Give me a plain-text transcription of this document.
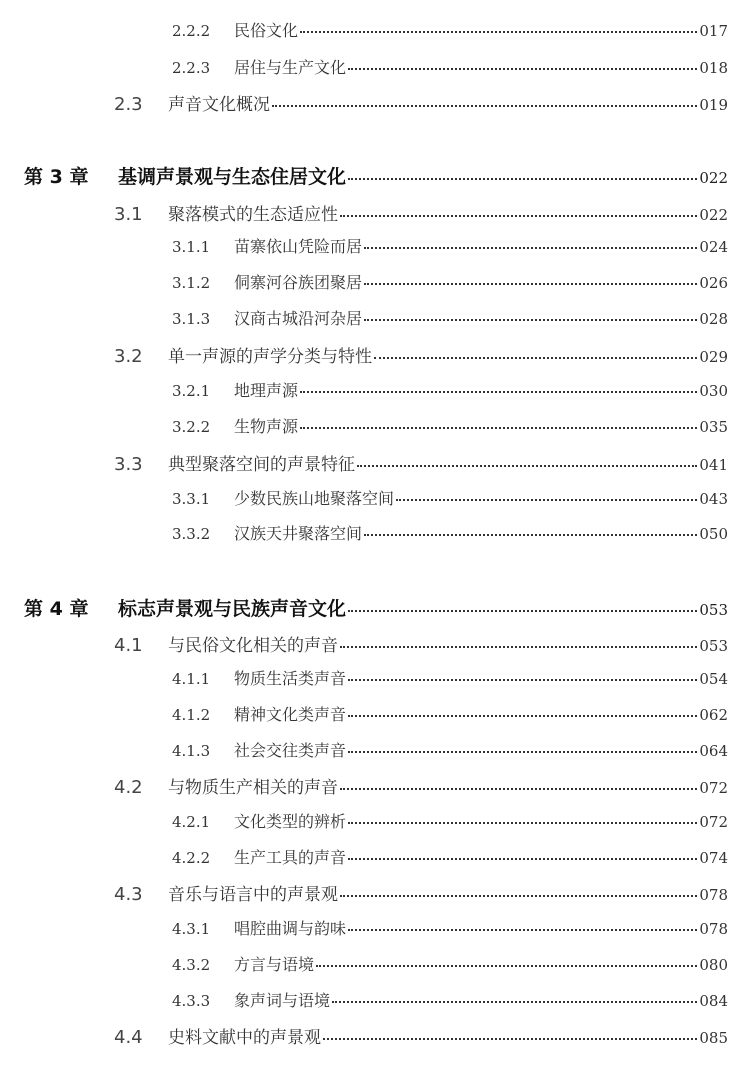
2.2.2	民俗文化	017
2.2.3	居住与生产文化	018
2.3	声音文化概况	019
第 3 章	基调声景观与生态住居文化	022
3.1	聚落模式的生态适应性	022
3.1.1	苗寨依山凭险而居	024
3.1.2	侗寨河谷族团聚居	026
3.1.3	汉商古城沿河杂居	028
3.2	单一声源的声学分类与特性	029
3.2.1	地理声源	030
3.2.2	生物声源	035
3.3	典型聚落空间的声景特征	041
3.3.1	少数民族山地聚落空间	043
3.3.2	汉族天井聚落空间	050
第 4 章	标志声景观与民族声音文化	053
4.1	与民俗文化相关的声音	053
4.1.1	物质生活类声音	054
4.1.2	精神文化类声音	062
4.1.3	社会交往类声音	064
4.2	与物质生产相关的声音	072
4.2.1	文化类型的辨析	072
4.2.2	生产工具的声音	074
4.3	音乐与语言中的声景观	078
4.3.1	唱腔曲调与韵味	078
4.3.2	方言与语境	080
4.3.3	象声词与语境	084
4.4	史料文献中的声景观	085
